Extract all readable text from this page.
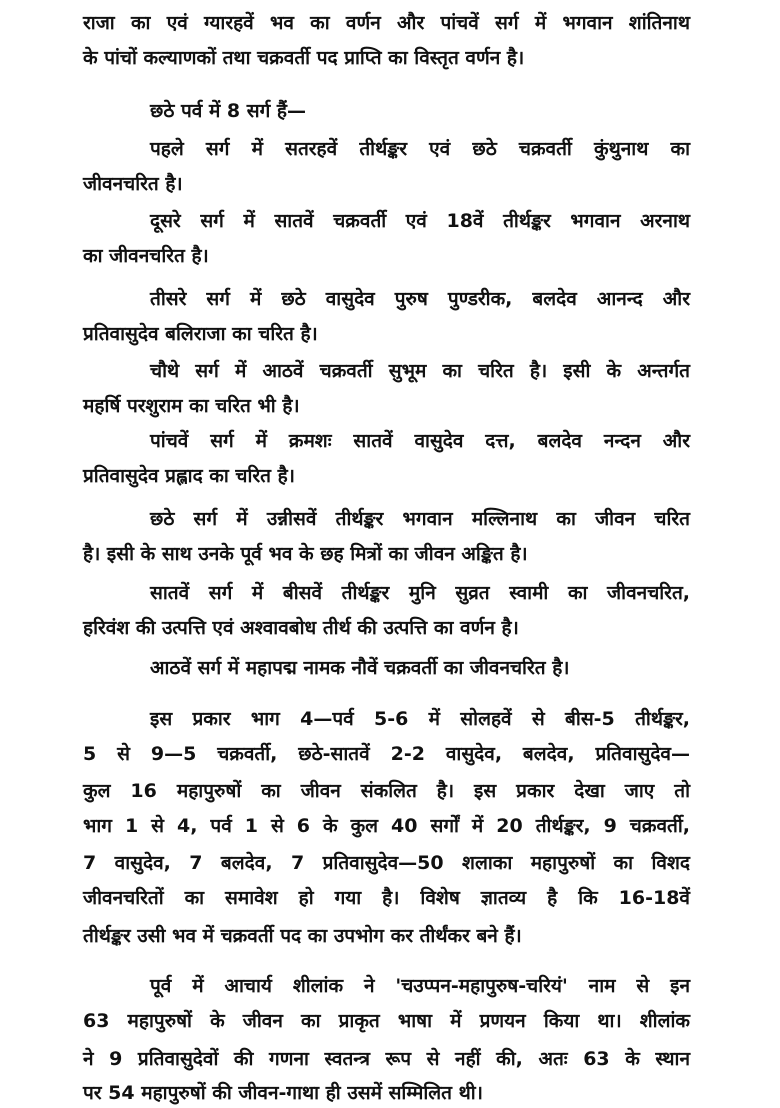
राजा का एवं ग्यारहवें भव का वर्णन और पांचवें सर्ग में भगवान शांतिनाथ
के पांचों कल्याणकों तथा चक्रवर्ती पद प्राप्ति का विस्तृत वर्णन है।
छठे पर्व में 8 सर्ग हैं—
पहले सर्ग में सतरहवें तीर्थङ्कर एवं छठे चक्रवर्ती कुंथुनाथ का
जीवनचरित है।
दूसरे सर्ग में सातवें चक्रवर्ती एवं 18वें तीर्थङ्कर भगवान अरनाथ
का जीवनचरित है।
तीसरे सर्ग में छठे वासुदेव पुरुष पुण्डरीक, बलदेव आनन्द और
प्रतिवासुदेव बलिराजा का चरित है।
चौथे सर्ग में आठवें चक्रवर्ती सुभूम का चरित है। इसी के अन्तर्गत
महर्षि परशुराम का चरित भी है।
पांचवें सर्ग में क्रमशः सातवें वासुदेव दत्त, बलदेव नन्दन और
प्रतिवासुदेव प्रह्लाद का चरित है।
छठे सर्ग में उन्नीसवें तीर्थङ्कर भगवान मल्लिनाथ का जीवन चरित
है। इसी के साथ उनके पूर्व भव के छह मित्रों का जीवन अङ्कित है।
सातवें सर्ग में बीसवें तीर्थङ्कर मुनि सुव्रत स्वामी का जीवनचरित,
हरिवंश की उत्पत्ति एवं अश्वावबोध तीर्थ की उत्पत्ति का वर्णन है।
आठवें सर्ग में महापद्म नामक नौवें चक्रवर्ती का जीवनचरित है।
इस प्रकार भाग 4—पर्व 5-6 में सोलहवें से बीस-5 तीर्थङ्कर,
5 से 9—5 चक्रवर्ती, छठे-सातवें 2-2 वासुदेव, बलदेव, प्रतिवासुदेव—
कुल 16 महापुरुषों का जीवन संकलित है। इस प्रकार देखा जाए तो
भाग 1 से 4, पर्व 1 से 6 के कुल 40 सर्गों में 20 तीर्थङ्कर, 9 चक्रवर्ती,
7 वासुदेव, 7 बलदेव, 7 प्रतिवासुदेव—50 शलाका महापुरुषों का विशद
जीवनचरितों का समावेश हो गया है। विशेष ज्ञातव्य है कि 16-18वें
तीर्थङ्कर उसी भव में चक्रवर्ती पद का उपभोग कर तीर्थंकर बने हैं।
पूर्व में आचार्य शीलांक ने 'चउप्पन-महापुरुष-चरियं' नाम से इन
63 महापुरुषों के जीवन का प्राकृत भाषा में प्रणयन किया था। शीलांक
ने 9 प्रतिवासुदेवों की गणना स्वतन्त्र रूप से नहीं की, अतः 63 के स्थान
पर 54 महापुरुषों की जीवन-गाथा ही उसमें सम्मिलित थी।
